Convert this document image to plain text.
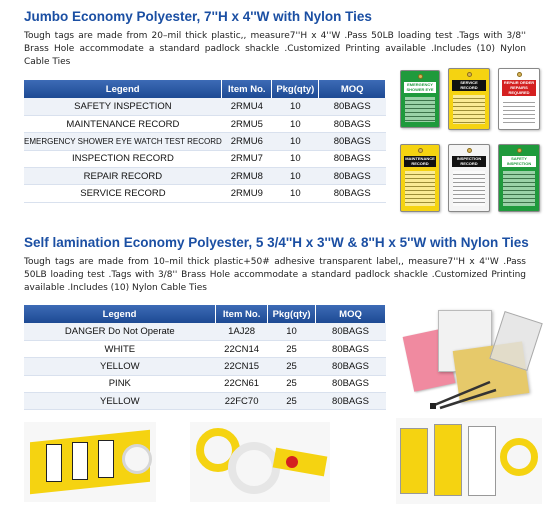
Jumbo Economy Polyester, 7''H x 4''W with Nylon Ties
Tough tags are made from 20–mil thick plastic,, measure7''H x 4''W .Pass 50LB loading test .Tags with 3/8'' Brass Hole accommodate a standard padlock shackle .Customized Printing available .Includes (10) Nylon Cable Ties
Legend	Item No.	Pkg(qty)	MOQ
SAFETY INSPECTION	2RMU4	10	80BAGS
MAINTENANCE RECORD	2RMU5	10	80BAGS
EMERGENCY SHOWER EYE WATCH TEST RECORD	2RMU6	10	80BAGS
INSPECTION RECORD	2RMU7	10	80BAGS
REPAIR RECORD	2RMU8	10	80BAGS
SERVICE RECORD	2RMU9	10	80BAGS
EMERGENCY SHOWER EYE WASH TEST
SERVICE RECORD
REPAIR ORDER REPAIRS REQUIRED
MAINTENANCE RECORD
INSPECTION RECORD
SAFETY INSPECTION
Self lamination Economy Polyester, 5 3/4''H x 3''W & 8''H x 5''W with Nylon Ties
Tough tags are made from 10–mil thick plastic+50# adhesive transparent label,, measure7''H x 4''W .Pass 50LB loading test .Tags with 3/8'' Brass Hole accommodate a standard padlock shackle .Customized Printing available .Includes (10) Nylon Cable Ties
Legend	Item No.	Pkg(qty)	MOQ
DANGER Do Not Operate	1AJ28	10	80BAGS
WHITE	22CN14	25	80BAGS
YELLOW	22CN15	25	80BAGS
PINK	22CN61	25	80BAGS
YELLOW	22FC70	25	80BAGS
